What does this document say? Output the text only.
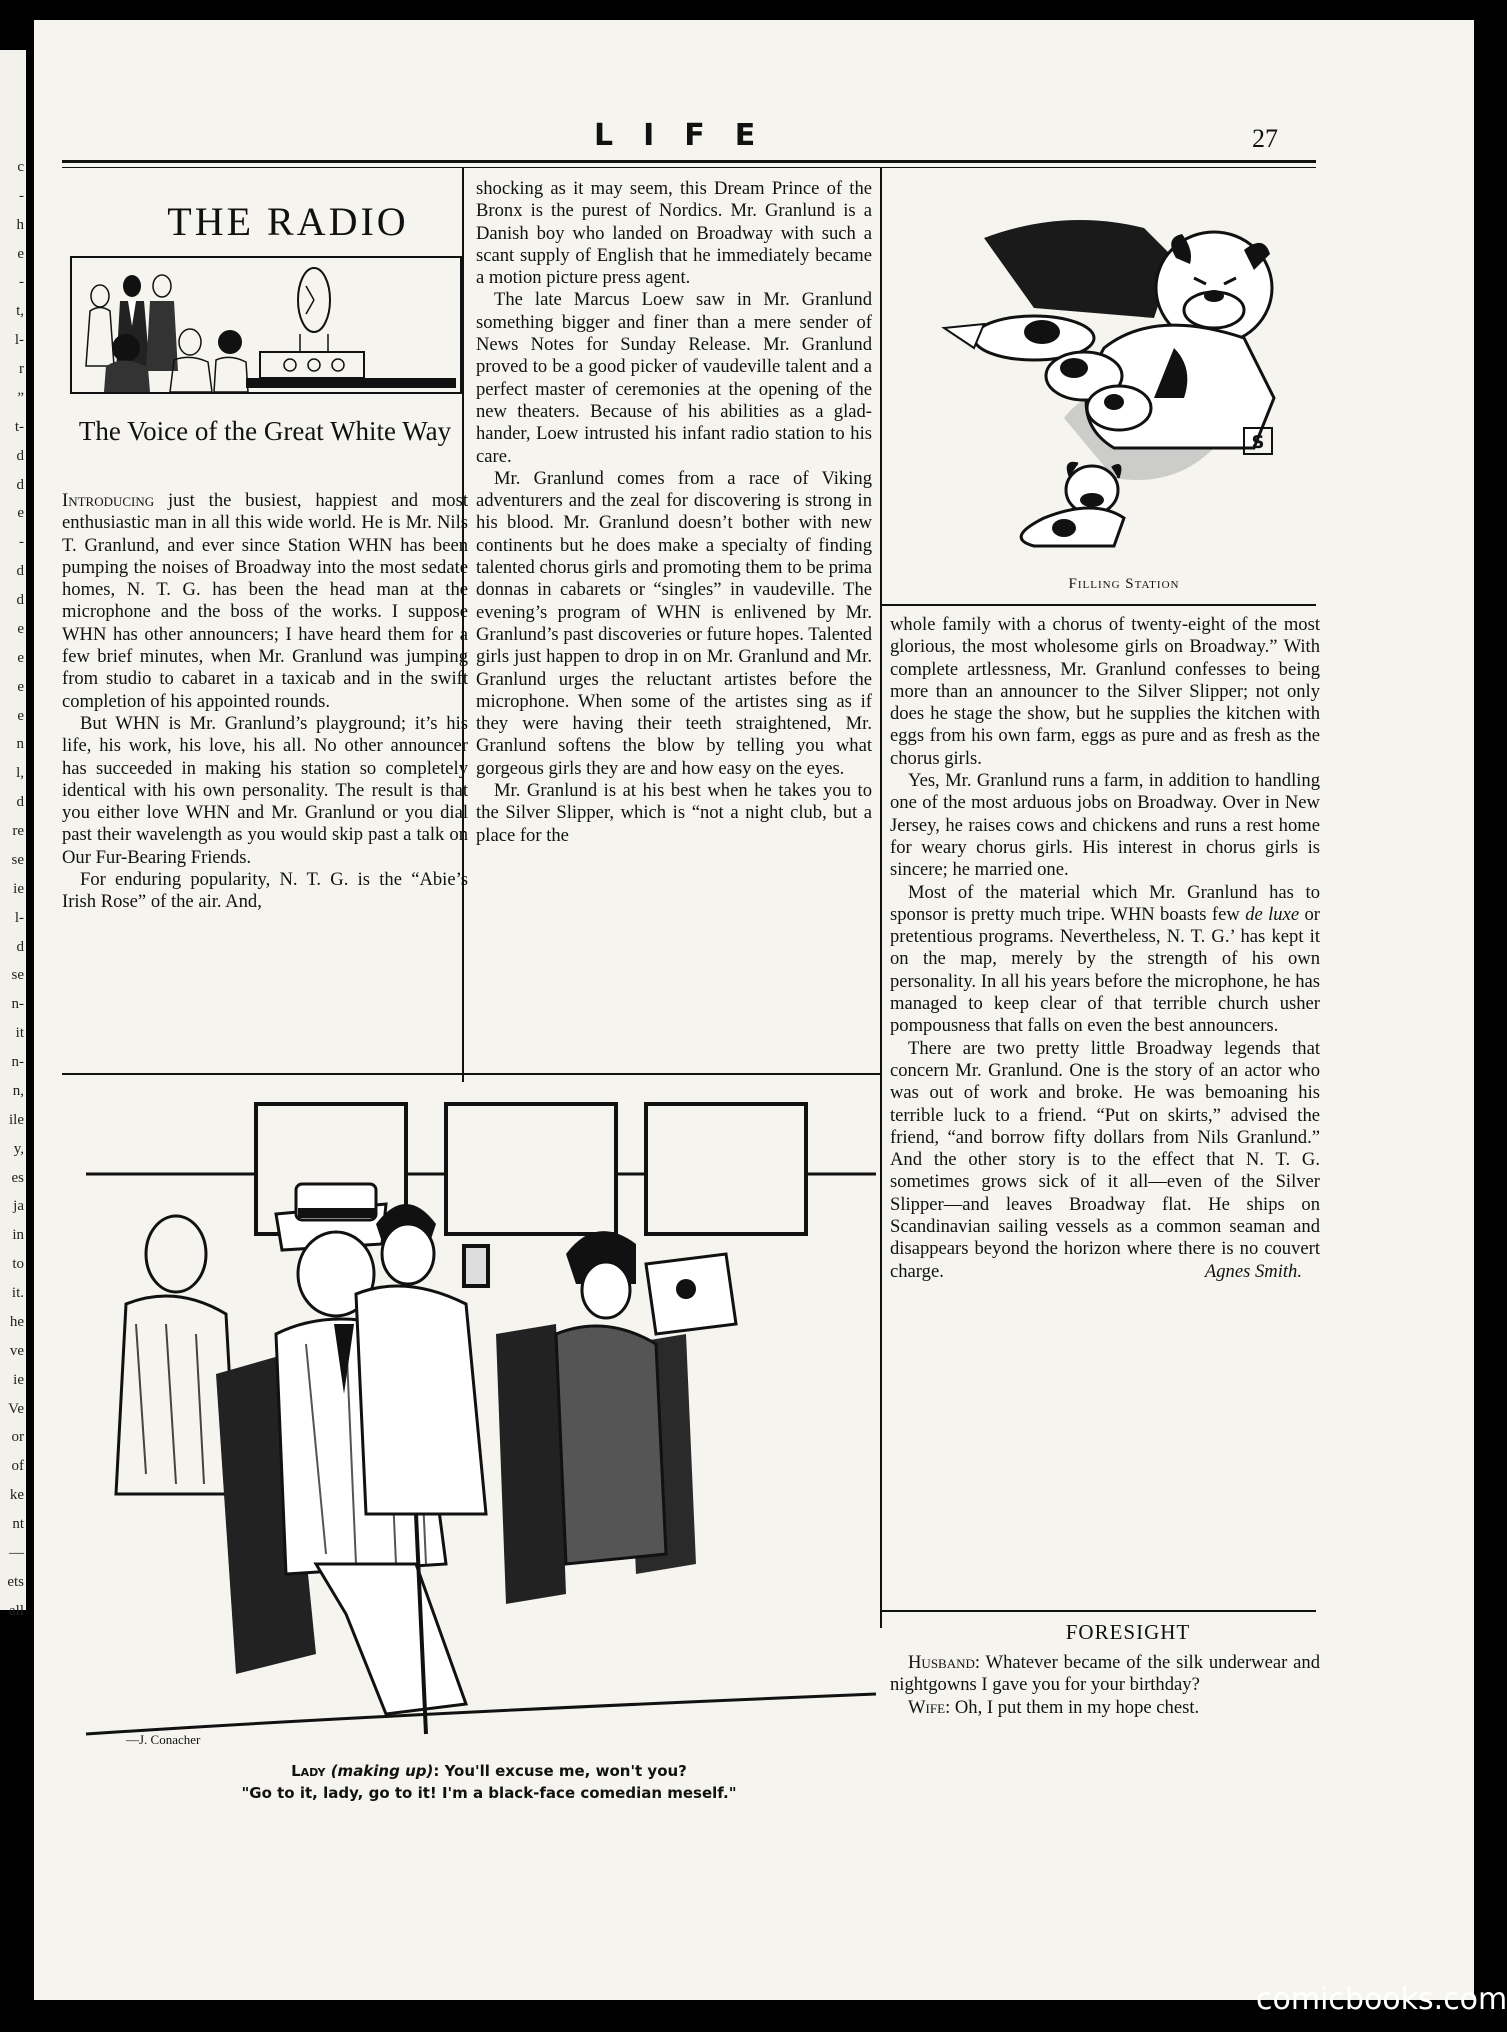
c
-
h
e
-
t,
l-
r
”
t-
d
d
e
-
d
d
e
e
e
e
n
l,
d
re
se
ie
l-
d
se
n-
it
n-
n,
ile
y,
es
ja
in
to
it.
he
ve
ie
Ve
or
of
ke
nt
—
ets
all
LIFE	27
THE RADIO
The Voice of the Great White Way

Introducing just the busiest, happiest and most enthusiastic man in all this wide world. He is Mr. Nils T. Granlund, and ever since Station WHN has been pumping the noises of Broadway into the most sedate homes, N. T. G. has been the head man at the microphone and the boss of the works. I suppose WHN has other announcers; I have heard them for a few brief minutes, when Mr. Granlund was jumping from studio to cabaret in a taxicab and in the swift completion of his appointed rounds.

But WHN is Mr. Granlund’s playground; it’s his life, his work, his love, his all. No other announcer has succeeded in making his station so completely identical with his own personality. The result is that you either love WHN and Mr. Granlund or you dial past their wavelength as you would skip past a talk on Our Fur-Bearing Friends.

For enduring popularity, N. T. G. is the “Abie’s Irish Rose” of the air. And,

shocking as it may seem, this Dream Prince of the Bronx is the purest of Nordics. Mr. Granlund is a Danish boy who landed on Broadway with such a scant supply of English that he immediately became a motion picture press agent.

The late Marcus Loew saw in Mr. Granlund something bigger and finer than a mere sender of News Notes for Sunday Release. Mr. Granlund proved to be a good picker of vaudeville talent and a perfect master of ceremonies at the opening of the new theaters. Because of his abilities as a glad-hander, Loew intrusted his infant radio station to his care.

Mr. Granlund comes from a race of Viking adventurers and the zeal for discovering is strong in his blood. Mr. Granlund doesn’t bother with new continents but he does make a specialty of finding talented chorus girls and promoting them to be prima donnas in cabarets or “singles” in vaudeville. The evening’s program of WHN is enlivened by Mr. Granlund’s past discoveries or future hopes. Talented girls just happen to drop in on Mr. Granlund and Mr. Granlund urges the reluctant artistes before the microphone. When some of the artistes sing as if they were having their teeth straightened, Mr. Granlund softens the blow by telling you what gorgeous girls they are and how easy on the eyes.

Mr. Granlund is at his best when he takes you to the Silver Slipper, which is “not a night club, but a place for the

S
Filling Station

whole family with a chorus of twenty-eight of the most glorious, the most wholesome girls on Broadway.” With complete artlessness, Mr. Granlund confesses to being more than an announcer to the Silver Slipper; not only does he stage the show, but he supplies the kitchen with eggs from his own farm, eggs as pure and as fresh as the chorus girls.

Yes, Mr. Granlund runs a farm, in addition to handling one of the most arduous jobs on Broadway. Over in New Jersey, he raises cows and chickens and runs a rest home for weary chorus girls. His interest in chorus girls is sincere; he married one.

Most of the material which Mr. Granlund has to sponsor is pretty much tripe. WHN boasts few de luxe or pretentious programs. Nevertheless, N. T. G.’ has kept it on the map, merely by the strength of his own personality. In all his years before the microphone, he has managed to keep clear of that terrible church usher pompousness that falls on even the best announcers.

There are two pretty little Broadway legends that concern Mr. Granlund. One is the story of an actor who was out of work and broke. He was bemoaning his terrible luck to a friend. “Put on skirts,” advised the friend, “and borrow fifty dollars from Nils Granlund.” And the other story is to the effect that N. T. G. sometimes grows sick of it all—even of the Silver Slipper—and leaves Broadway flat. He ships on Scandinavian sailing vessels as a common seaman and disappears beyond the horizon where there is no couvert charge.	Agnes Smith.

FORESIGHT

Husband: Whatever became of the silk underwear and nightgowns I gave you for your birthday?

Wife: Oh, I put them in my hope chest.

—J. Conacher
Lady (making up): You'll excuse me, won't you?
"Go to it, lady, go to it! I'm a black-face comedian meself."
comicbooks.com
